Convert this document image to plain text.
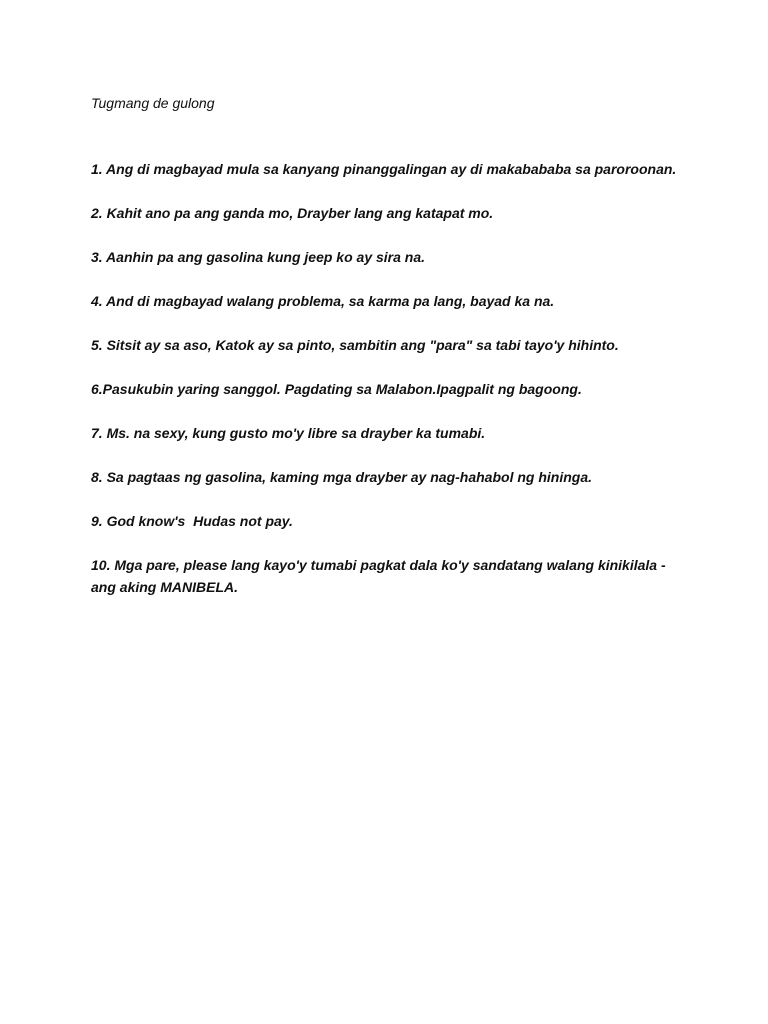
Tugmang de gulong

1. Ang di magbayad mula sa kanyang pinanggalingan ay di makabababa sa paroroonan.

2. Kahit ano pa ang ganda mo, Drayber lang ang katapat mo.

3. Aanhin pa ang gasolina kung jeep ko ay sira na.

4. And di magbayad walang problema, sa karma pa lang, bayad ka na.

5. Sitsit ay sa aso, Katok ay sa pinto, sambitin ang "para" sa tabi tayo'y hihinto.

6.Pasukubin yaring sanggol. Pagdating sa Malabon.Ipagpalit ng bagoong.

7. Ms. na sexy, kung gusto mo'y libre sa drayber ka tumabi.

8. Sa pagtaas ng gasolina, kaming mga drayber ay nag-hahabol ng hininga.

9. God know's  Hudas not pay.

10. Mga pare, please lang kayo'y tumabi pagkat dala ko'y sandatang walang kinikilala - ang aking MANIBELA.
